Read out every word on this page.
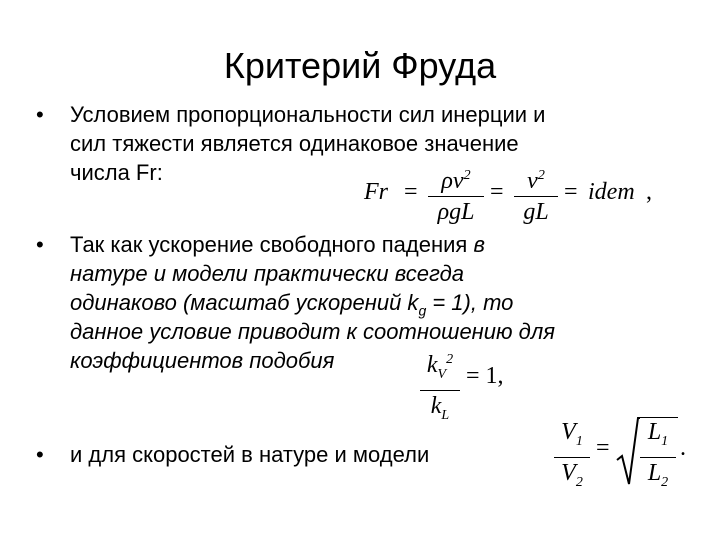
Критерий Фруда
• Условием пропорциональности сил инерции и
сил тяжести является одинаковое значение
числа Fr:
$Fr = \rho v^2$
ρgL
= $v^2$
gL
= idem ,
• Так как ускорение свободного падения в
натуре и модели практически всегда
одинаково (масштаб ускорений $k_g = 1$), то
данное условие приводит к соотношению для
коэффициентов подобия	$k_V^2$
$k_L$
= 1,
• и для скоростей в натуре и модели
$V_1$
$V_2$
=
$L_1$
$L_2$
.
